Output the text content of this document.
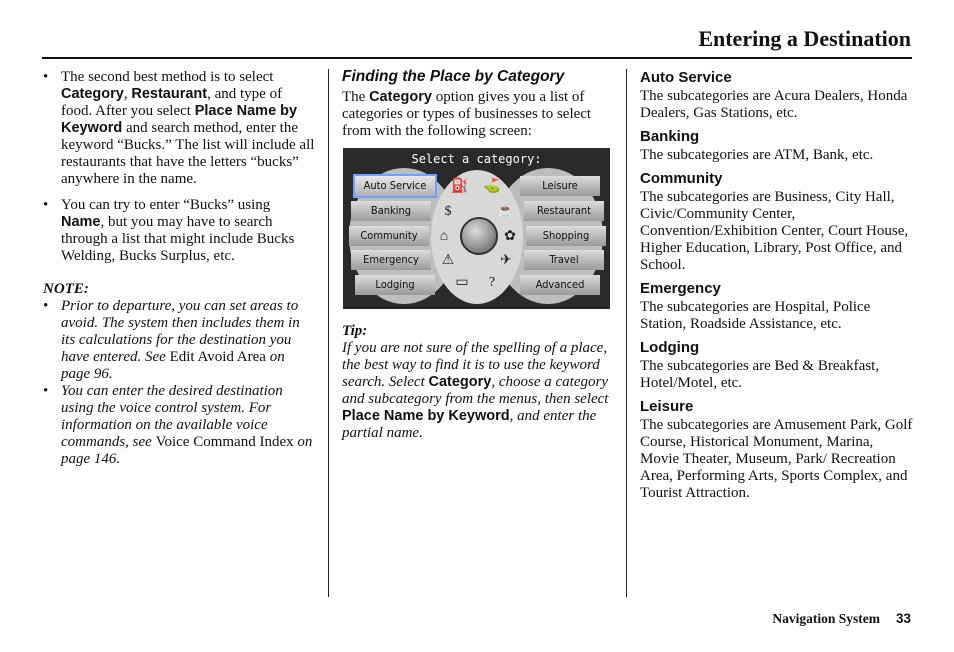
Entering a Destination
• The second best method is to select Category, Restaurant, and type of food. After you select Place Name by Keyword and search method, enter the keyword “Bucks.” The list will include all restaurants that have the letters “bucks” anywhere in the name.
• You can try to enter “Bucks” using Name, but you may have to search through a list that might include Bucks Welding, Bucks Surplus, etc.
NOTE:
• Prior to departure, you can set areas to avoid. The system then includes them in its calculations for the destination you have entered. See Edit Avoid Area on page 96.
• You can enter the desired destination using the voice control system. For information on the available voice commands, see Voice Command Index on page 146.
Finding the Place by Category
The Category option gives you a list of categories or types of businesses to select from with the following screen:
Select a category:
Auto Service
Banking
Community
Emergency
Lodging
Leisure
Restaurant
Shopping
Travel
Advanced
⛽ ⛳
$	☕
⌂	✿
⚠	✈
▭	?
Tip:
If you are not sure of the spelling of a place, the best way to find it is to use the keyword search. Select Category, choose a category and subcategory from the menus, then select Place Name by Keyword, and enter the partial name.
Auto Service
The subcategories are Acura Dealers, Honda Dealers, Gas Stations, etc.
Banking
The subcategories are ATM, Bank, etc.
Community
The subcategories are Business, City Hall, Civic/Community Center, Convention/Exhibition Center, Court House, Higher Education, Library, Post Office, and School.
Emergency
The subcategories are Hospital, Police Station, Roadside Assistance, etc.
Lodging
The subcategories are Bed & Breakfast, Hotel/Motel, etc.
Leisure
The subcategories are Amusement Park, Golf Course, Historical Monument, Marina, Movie Theater, Museum, Park/ Recreation Area, Performing Arts, Sports Complex, and Tourist Attraction.
Navigation System 33
